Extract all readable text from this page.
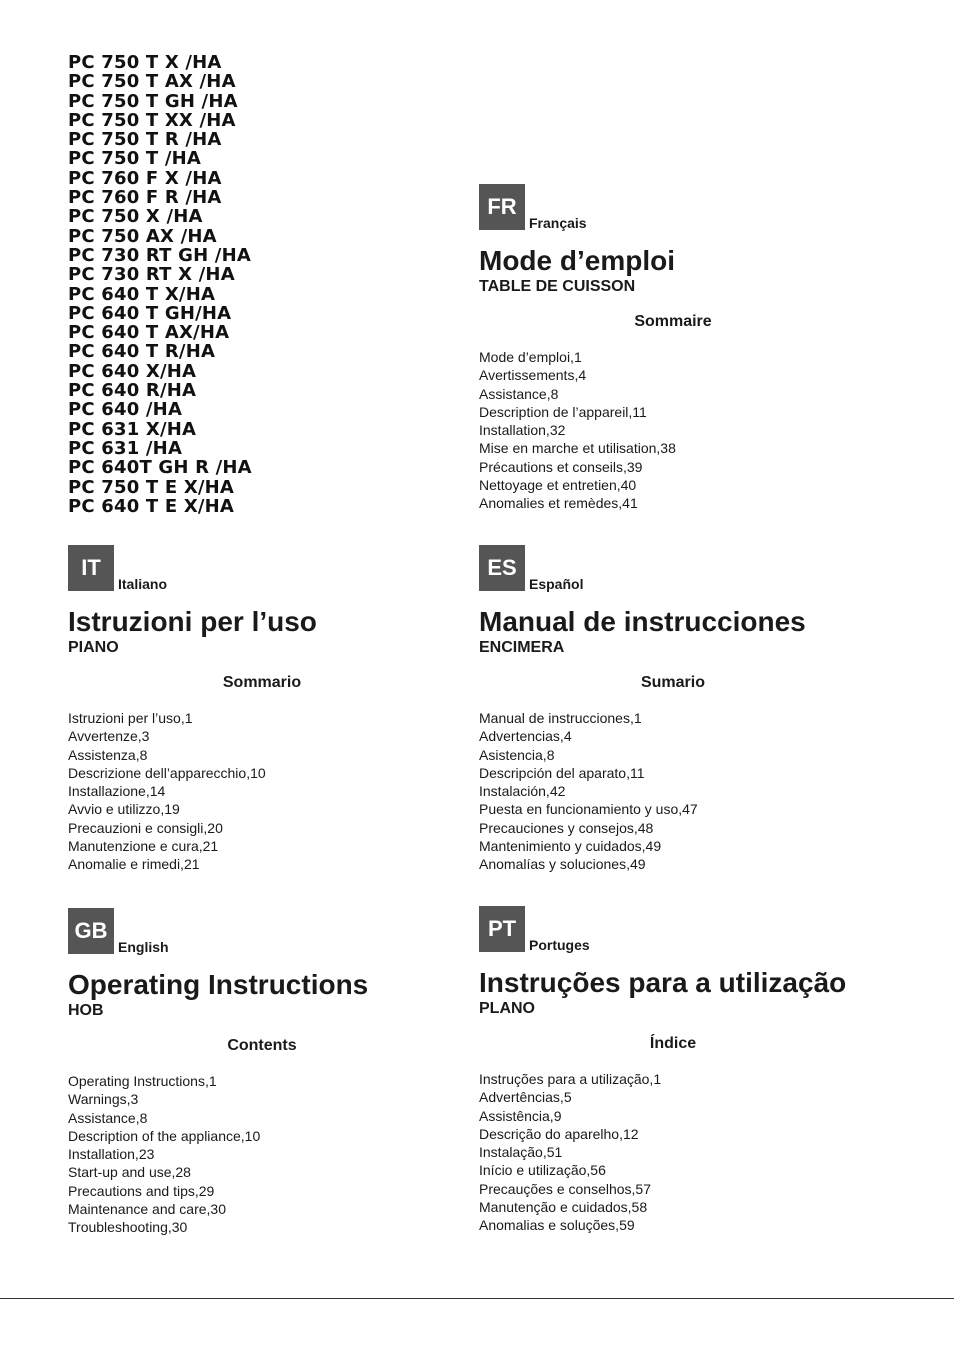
PC 750 T X /HA
PC 750 T AX /HA
PC 750 T GH /HA
PC 750 T XX /HA
PC 750 T R /HA
PC 750 T /HA
PC 760 F X /HA
PC 760 F R /HA
PC 750 X /HA
PC 750 AX /HA
PC 730 RT GH /HA
PC 730 RT X /HA
PC 640 T X/HA
PC 640 T GH/HA
PC 640 T AX/HA
PC 640 T R/HA
PC 640 X/HA
PC 640 R/HA
PC 640 /HA
PC 631 X/HA
PC 631 /HA
PC 640T GH R /HA
PC 750 T E X/HA
PC 640 T E X/HA
FR
Français
Mode d’emploi
TABLE DE CUISSON
Sommaire
Mode d’emploi,1
Avertissements,4
Assistance,8
Description de l’appareil,11
Installation,32
Mise en marche et utilisation,38
Précautions et conseils,39
Nettoyage et entretien,40
Anomalies et remèdes,41
IT
Italiano
Istruzioni per l’uso
PIANO
Sommario
Istruzioni per l’uso,1
Avvertenze,3
Assistenza,8
Descrizione dell’apparecchio,10
Installazione,14
Avvio e utilizzo,19
Precauzioni e consigli,20
Manutenzione e cura,21
Anomalie e rimedi,21
ES
Español
Manual de instrucciones
ENCIMERA
Sumario
Manual de instrucciones,1
Advertencias,4
Asistencia,8
Descripción del aparato,11
Instalación,42
Puesta en funcionamiento y uso,47
Precauciones y consejos,48
Mantenimiento y cuidados,49
Anomalías y soluciones,49
GB
English
Operating Instructions
HOB
Contents
Operating Instructions,1
Warnings,3
Assistance,8
Description of the appliance,10
Installation,23
Start-up and use,28
Precautions and tips,29
Maintenance and care,30
Troubleshooting,30
PT
Portuges
Instruções para a utilização
PLANO
Índice
Instruções para a utilização,1
Advertências,5
Assistência,9
Descrição do aparelho,12
Instalação,51
Início e utilização,56
Precauções e conselhos,57
Manutenção e cuidados,58
Anomalias e soluções,59
